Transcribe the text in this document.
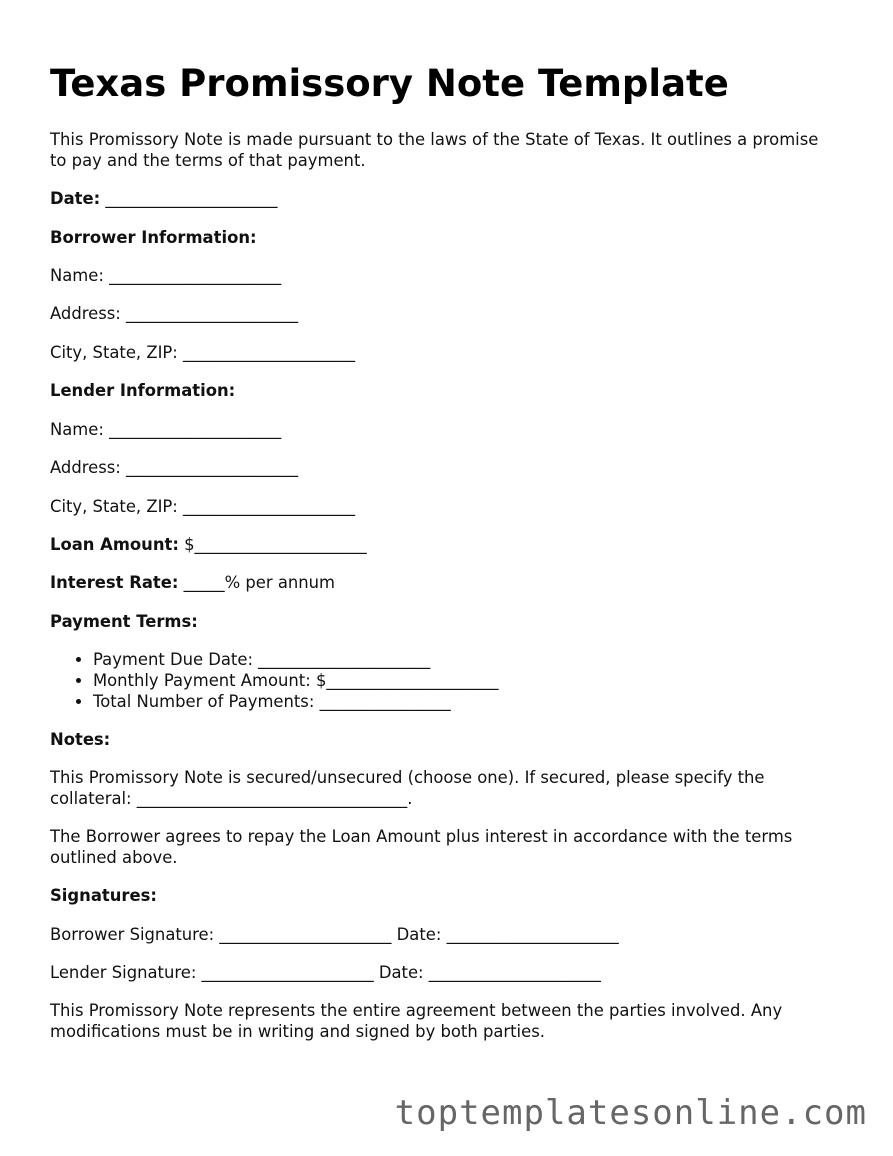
Texas Promissory Note Template
This Promissory Note is made pursuant to the laws of the State of Texas. It outlines a promise to pay and the terms of that payment.
Date: _____________________
Borrower Information:
Name: _____________________
Address: _____________________
City, State, ZIP: _____________________
Lender Information:
Name: _____________________
Address: _____________________
City, State, ZIP: _____________________
Loan Amount: $_____________________
Interest Rate: _____% per annum
Payment Terms:
• Payment Due Date: _____________________
• Monthly Payment Amount: $_____________________
• Total Number of Payments: ________________
Notes:
This Promissory Note is secured/unsecured (choose one). If secured, please specify the collateral: _________________________________.
The Borrower agrees to repay the Loan Amount plus interest in accordance with the terms outlined above.
Signatures:
Borrower Signature: _____________________ Date: _____________________
Lender Signature: _____________________ Date: _____________________
This Promissory Note represents the entire agreement between the parties involved. Any modifications must be in writing and signed by both parties.
toptemplatesonline.com
